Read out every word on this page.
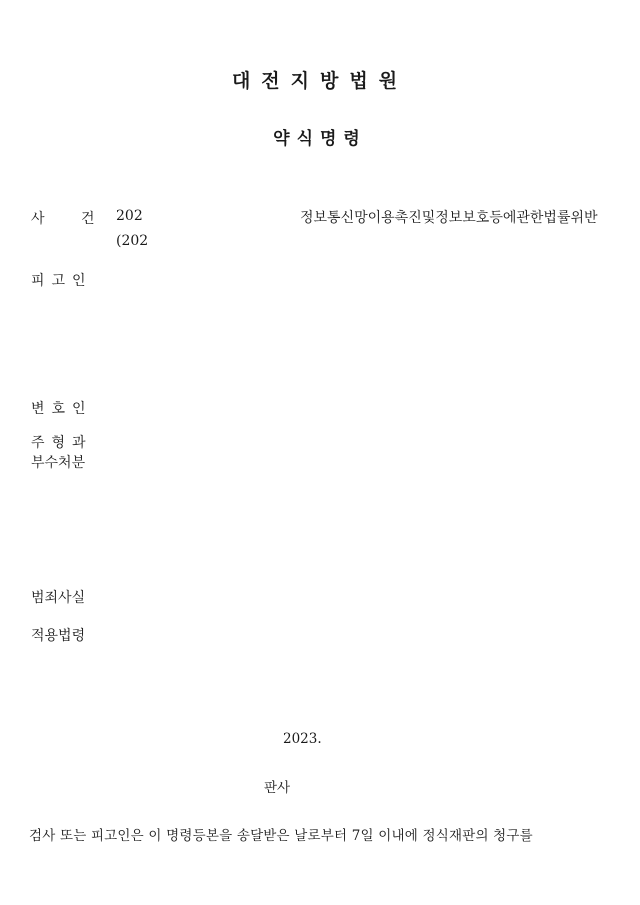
대전지방법원
약식명령
사 건 202
(202
정보통신망이용촉진및정보보호등에관한법률위반
피고인
변호인
주형과
부수처분
범죄사실
적용법령
2023.
판사
검사 또는 피고인은 이 명령등본을 송달받은 날로부터 7일 이내에 정식재판의 청구를
